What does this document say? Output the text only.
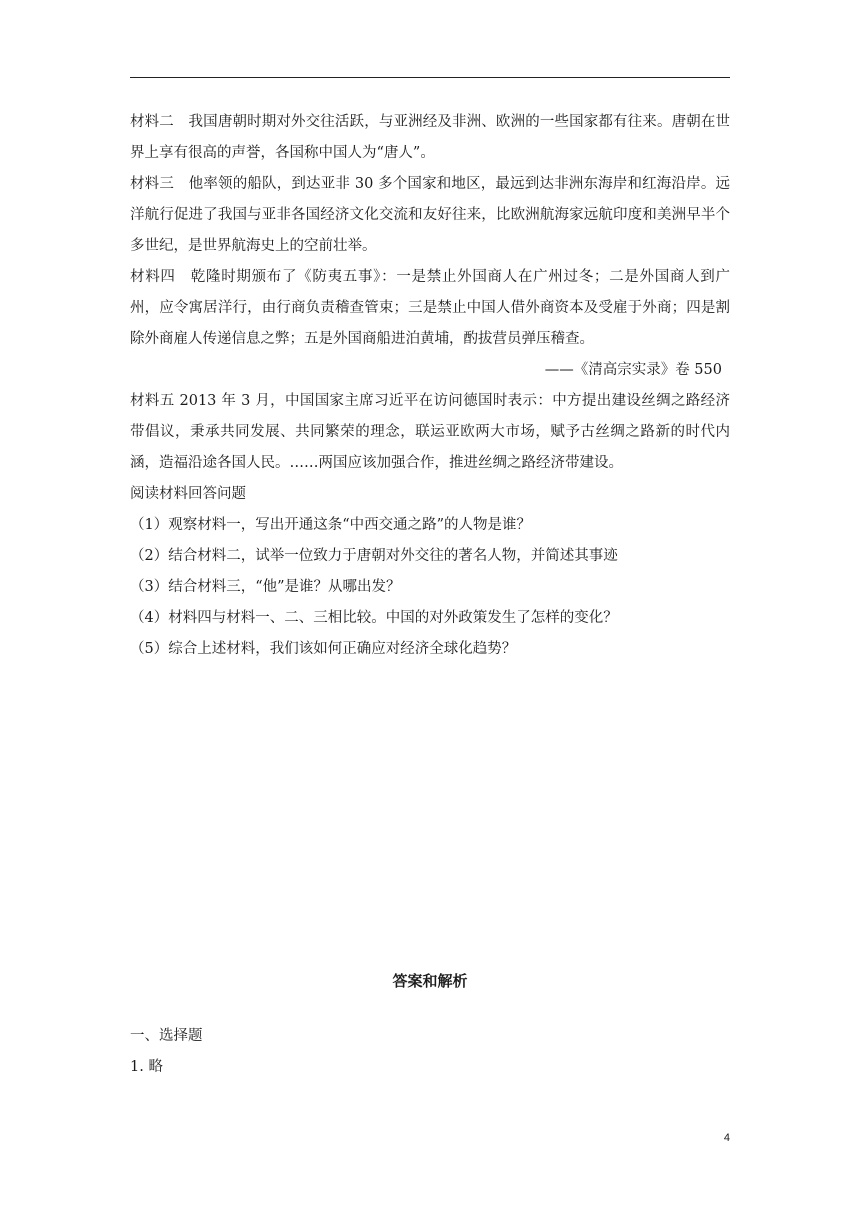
材料二　我国唐朝时期对外交往活跃，与亚洲经及非洲、欧洲的一些国家都有往来。唐朝在世界上享有很高的声誉，各国称中国人为“唐人”。

材料三　他率领的船队，到达亚非 30 多个国家和地区，最远到达非洲东海岸和红海沿岸。远洋航行促进了我国与亚非各国经济文化交流和友好往来，比欧洲航海家远航印度和美洲早半个多世纪，是世界航海史上的空前壮举。

材料四　乾隆时期颁布了《防夷五事》：一是禁止外国商人在广州过冬；二是外国商人到广州，应令寓居洋行，由行商负责稽查管束；三是禁止中国人借外商资本及受雇于外商；四是割除外商雇人传递信息之弊；五是外国商船进泊黄埔，酌拔营员弹压稽查。

——《清高宗实录》卷 550

材料五 2013 年 3 月，中国国家主席习近平在访问德国时表示：中方提出建设丝绸之路经济带倡议，秉承共同发展、共同繁荣的理念，联运亚欧两大市场，赋予古丝绸之路新的时代内涵，造福沿途各国人民。……两国应该加强合作，推进丝绸之路经济带建设。

阅读材料回答问题

（1）观察材料一，写出开通这条“中西交通之路”的人物是谁？

（2）结合材料二，试举一位致力于唐朝对外交往的著名人物，并简述其事迹

（3）结合材料三，“他”是谁？从哪出发？

（4）材料四与材料一、二、三相比较。中国的对外政策发生了怎样的变化？

（5）综合上述材料，我们该如何正确应对经济全球化趋势？

答案和解析
一、选择题
1. 略
4
